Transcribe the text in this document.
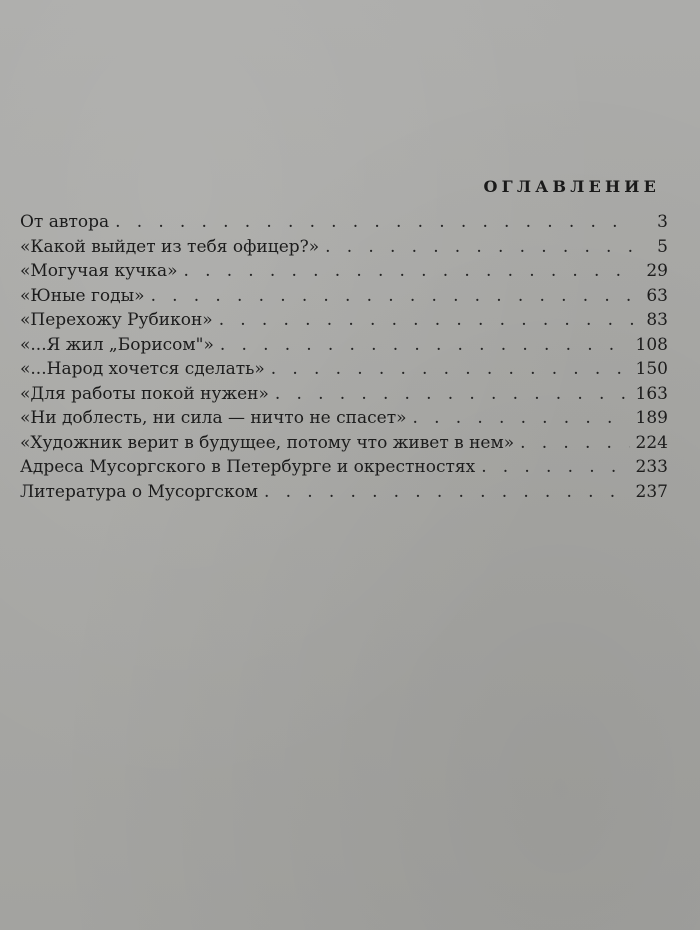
ОГЛАВЛЕНИЕ
От автора . . .	3
«Какой выйдет из тебя офицер?» . . .	5
«Могучая кучка» . . .	29
«Юные годы» . . .	63
«Перехожу Рубикон» . . .	83
«...Я жил „Борисом"» . . .	108
«...Народ хочется сделать» . . .	150
«Для работы покой нужен» . . .	163
«Ни доблесть, ни сила — ничто не спасет» . . .	189
«Художник верит в будущее, потому что живет в нем» . . .	224
Адреса Мусоргского в Петербурге и окрестностях . . .	233
Литература о Мусоргском . . .	237
